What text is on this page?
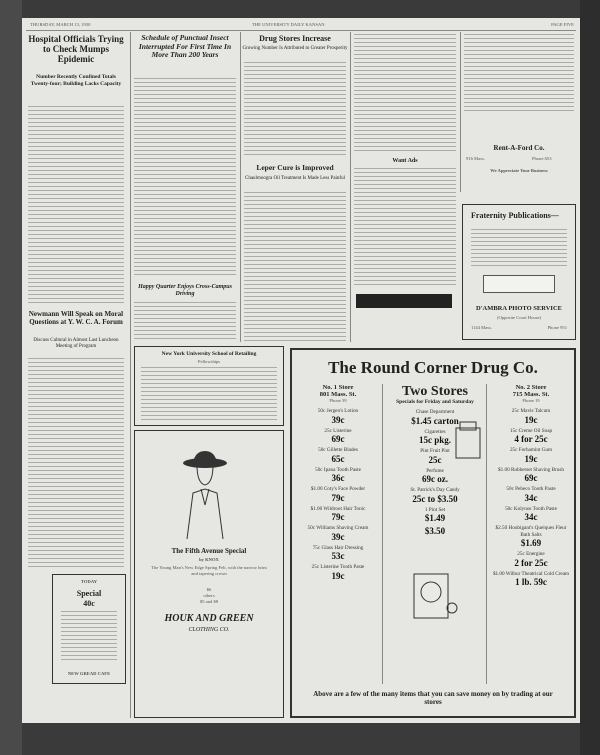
THURSDAY, MARCH 13, 1930	THE UNIVERSITY DAILY KANSAN	PAGE FIVE
Hospital Officials Trying to Check Mumps Epidemic
Number Recently Confined Totals Twenty-four; Building Lacks Capacity
Newmann Will Speak on Moral Questions at Y. W. C. A. Forum
Discuss Cultural in Almost Last Luncheon Meeting of Program
TODAY
Special
40c
NEW GREAD CAFE
Schedule of Punctual Insect Interrupted For First Time In More Than 200 Years
Happy Quarter Enjoys Cross-Campus Driving
Drug Stores Increase
Growing Number Is Attributed to Greater Prosperity
Leper Cure is Improved
Chaulmoogra Oil Treatment Is Made Less Painful
Want Ads
Rent-A-Ford Co.
916 Mass.	Phone 653
We Appreciate Your Business
Fraternity Publications—
D'AMBRA PHOTO SERVICE
(Opposite Court House)
1144 Mass.	Phone 951
New York University School of Retailing
Fellowships
The Fifth Avenue Special
by KNOX
The Young Man's New Edge Spring Felt, with the narrow brim and tapering crown
$6
others
$5 and $8
HOUK AND GREEN
CLOTHING CO.
The Round Corner Drug Co.
No. 1 Store
801 Mass. St.
Phone 39
50c Jergen's Lotion
39c
25c Listerine
69c
50c Gillette Blades
65c
50c Ipana Tooth Paste
36c
$1.00 Coty's Face Powder
79c
$1.00 Wildroot Hair Tonic
79c
50c Williams Shaving Cream
39c
75c Glass Hair Dressing
53c
25c Listerine Tooth Paste
19c
Two Stores
Specials for Friday and Saturday
Chase Department
$1.45 carton
Cigarettes
15c pkg.
Pint Fruit Pint
25c
Perfume
69c oz.
St. Patrick's Day Candy
25c to $3.50
1 Pint Set
$1.49
$3.50
No. 2 Store
715 Mass. St.
Phone 19
25c Mavis Talcum
19c
15c Creme Oil Soap
4 for 25c
25c Forhamint Gum
19c
$1.00 Rubberset Shaving Brush
69c
50c Pebeco Tooth Paste
34c
50c Kolynos Tooth Paste
34c
$2.50 Houbigant's Quelques Fleur Bath Salts
$1.69
25c Energine
2 for 25c
$1.00 Wilbur Theatrical Cold Cream
1 lb. 59c
Above are a few of the many items that you can save money on by trading at our stores
